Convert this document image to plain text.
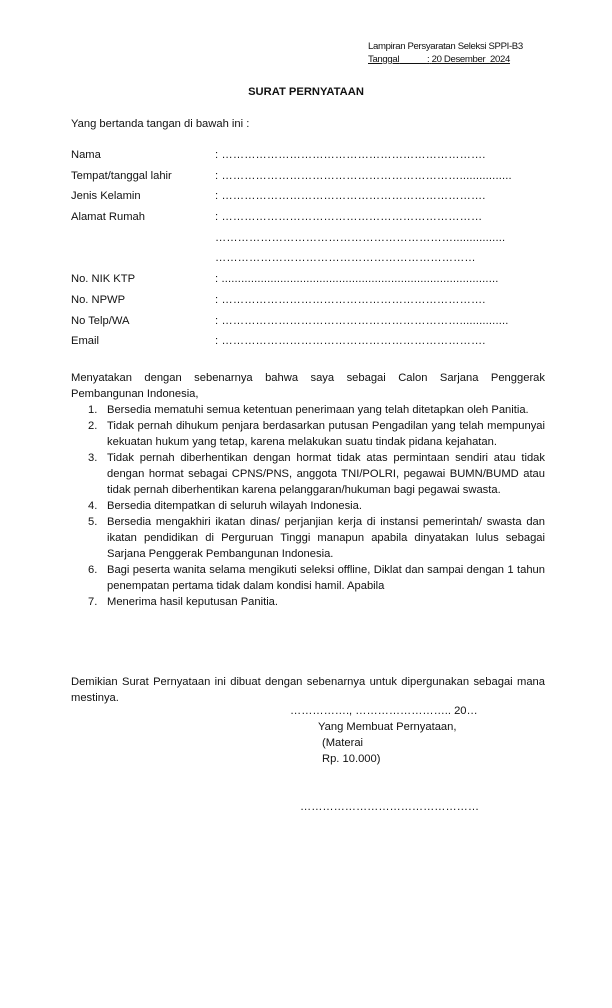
Lampiran Persyaratan Seleksi SPPI-B3
Tanggal	: 20 Desember  2024
SURAT PERNYATAAN
Yang bertanda tangan di bawah ini :
Nama	: …………………………………………………………….
Tempat/tanggal lahir	: ………………………………………………………................
Jenis Kelamin	: …………………………………………………………….
Alamat Rumah	: ……………………………………………………………
………………………………………………………................
……………………………………………………………
No. NIK KTP	: .....................................................................................
No. NPWP	: …………………………………………………………….
No Telp/WA	: ………………………………………………………...............
Email	: …………………………………………………………….
Menyatakan dengan sebenarnya bahwa saya sebagai Calon Sarjana Penggerak Pembangunan Indonesia,
1. Bersedia mematuhi semua ketentuan penerimaan yang telah ditetapkan oleh Panitia.
2. Tidak pernah dihukum penjara berdasarkan putusan Pengadilan yang telah mempunyai kekuatan hukum yang tetap, karena melakukan suatu tindak pidana kejahatan.
3. Tidak pernah diberhentikan dengan hormat tidak atas permintaan sendiri atau tidak dengan hormat sebagai CPNS/PNS, anggota TNI/POLRI, pegawai BUMN/BUMD atau tidak pernah diberhentikan karena pelanggaran/hukuman bagi pegawai swasta.
4. Bersedia ditempatkan di seluruh wilayah Indonesia.
5. Bersedia mengakhiri ikatan dinas/ perjanjian kerja di instansi pemerintah/ swasta dan ikatan pendidikan di Perguruan Tinggi manapun apabila dinyatakan lulus sebagai Sarjana Penggerak Pembangunan Indonesia.
6. Bagi peserta wanita selama mengikuti seleksi offline, Diklat dan sampai dengan 1 tahun penempatan pertama tidak dalam kondisi hamil. Apabila
7. Menerima hasil keputusan Panitia.
Demikian Surat Pernyataan ini dibuat dengan sebenarnya untuk dipergunakan sebagai mana mestinya.
……………., …………………….. 20…
Yang Membuat Pernyataan,
(Materai
Rp. 10.000)
…………………………………………
